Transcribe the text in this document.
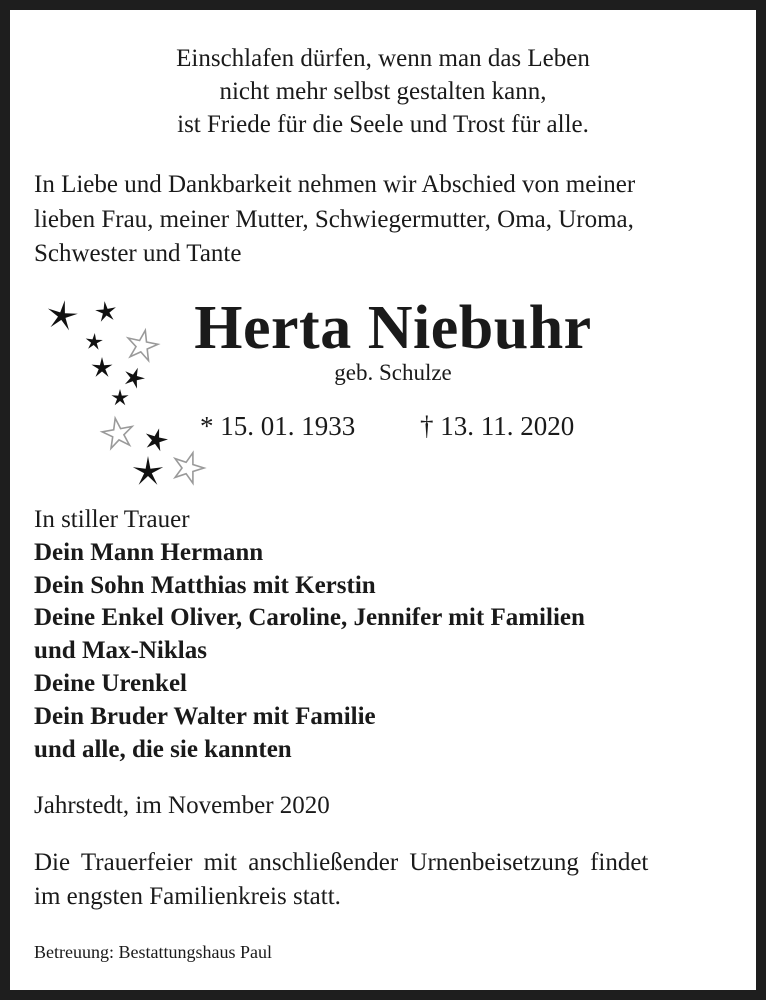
Einschlafen dürfen, wenn man das Leben
nicht mehr selbst gestalten kann,
ist Friede für die Seele und Trost für alle.
In Liebe und Dankbarkeit nehmen wir Abschied von meiner
lieben Frau, meiner Mutter, Schwiegermutter, Oma, Uroma,
Schwester und Tante
Herta Niebuhr
geb. Schulze
* 15. 01. 1933 † 13. 11. 2020
In stiller Trauer
Dein Mann Hermann
Dein Sohn Matthias mit Kerstin
Deine Enkel Oliver, Caroline, Jennifer mit Familien
und Max-Niklas
Deine Urenkel
Dein Bruder Walter mit Familie
und alle, die sie kannten
Jahrstedt, im November 2020
Die Trauerfeier mit anschließender Urnenbeisetzung findet
im engsten Familienkreis statt.
Betreuung: Bestattungshaus Paul
